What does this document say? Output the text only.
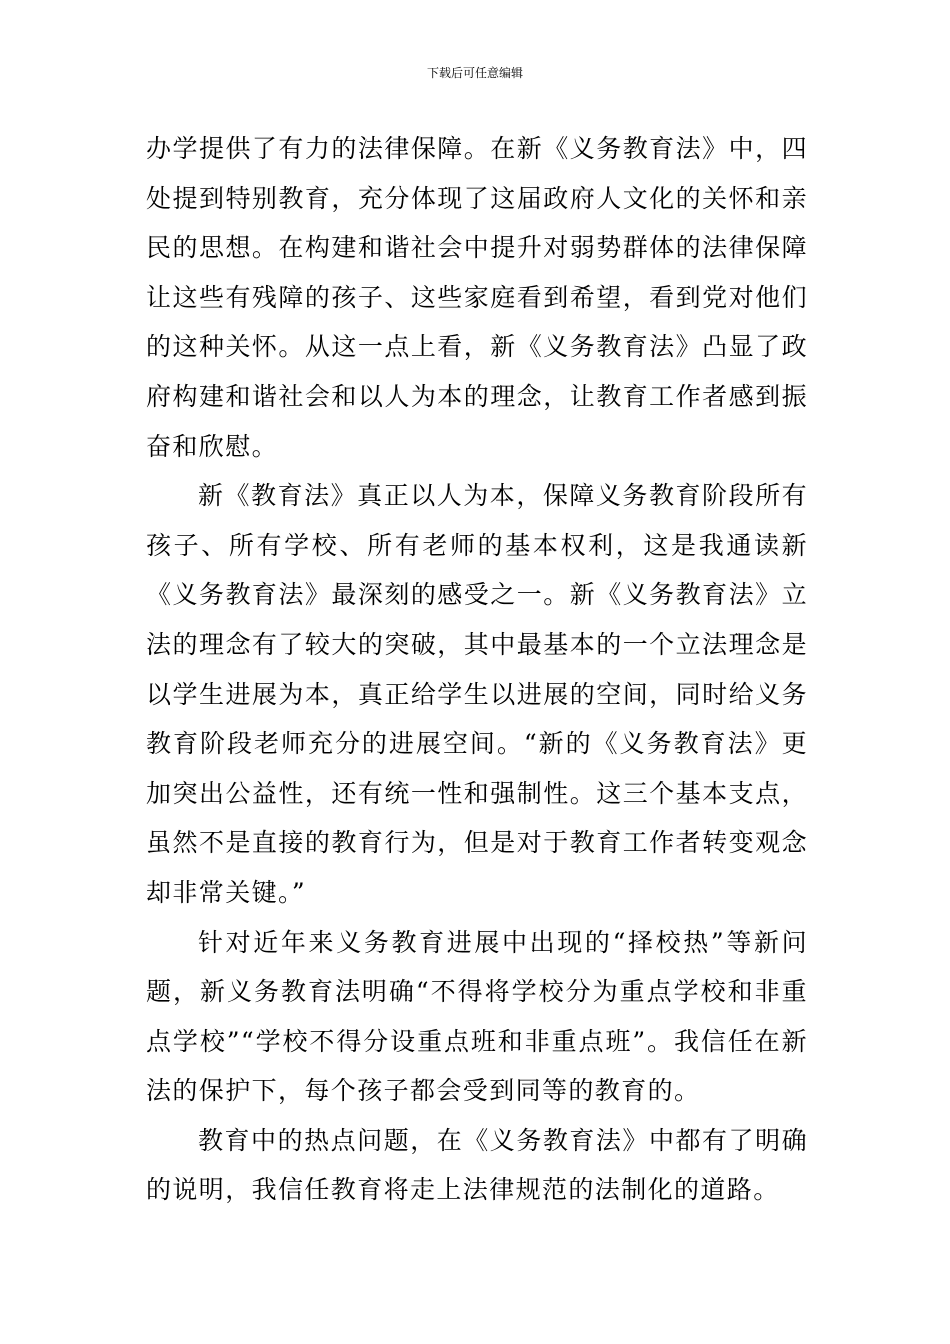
下载后可任意编辑

办学提供了有力的法律保障。在新《义务教育法》中，四处提到特别教育，充分体现了这届政府人文化的关怀和亲民的思想。在构建和谐社会中提升对弱势群体的法律保障让这些有残障的孩子、这些家庭看到希望，看到党对他们的这种关怀。从这一点上看，新《义务教育法》凸显了政府构建和谐社会和以人为本的理念，让教育工作者感到振奋和欣慰。

新《教育法》真正以人为本，保障义务教育阶段所有孩子、所有学校、所有老师的基本权利，这是我通读新《义务教育法》最深刻的感受之一。新《义务教育法》立法的理念有了较大的突破，其中最基本的一个立法理念是以学生进展为本，真正给学生以进展的空间，同时给义务教育阶段老师充分的进展空间。“新的《义务教育法》更加突出公益性，还有统一性和强制性。这三个基本支点，虽然不是直接的教育行为，但是对于教育工作者转变观念却非常关键。”

针对近年来义务教育进展中出现的“择校热”等新问题，新义务教育法明确“不得将学校分为重点学校和非重点学校”“学校不得分设重点班和非重点班”。我信任在新法的保护下，每个孩子都会受到同等的教育的。

教育中的热点问题，在《义务教育法》中都有了明确的说明，我信任教育将走上法律规范的法制化的道路。
